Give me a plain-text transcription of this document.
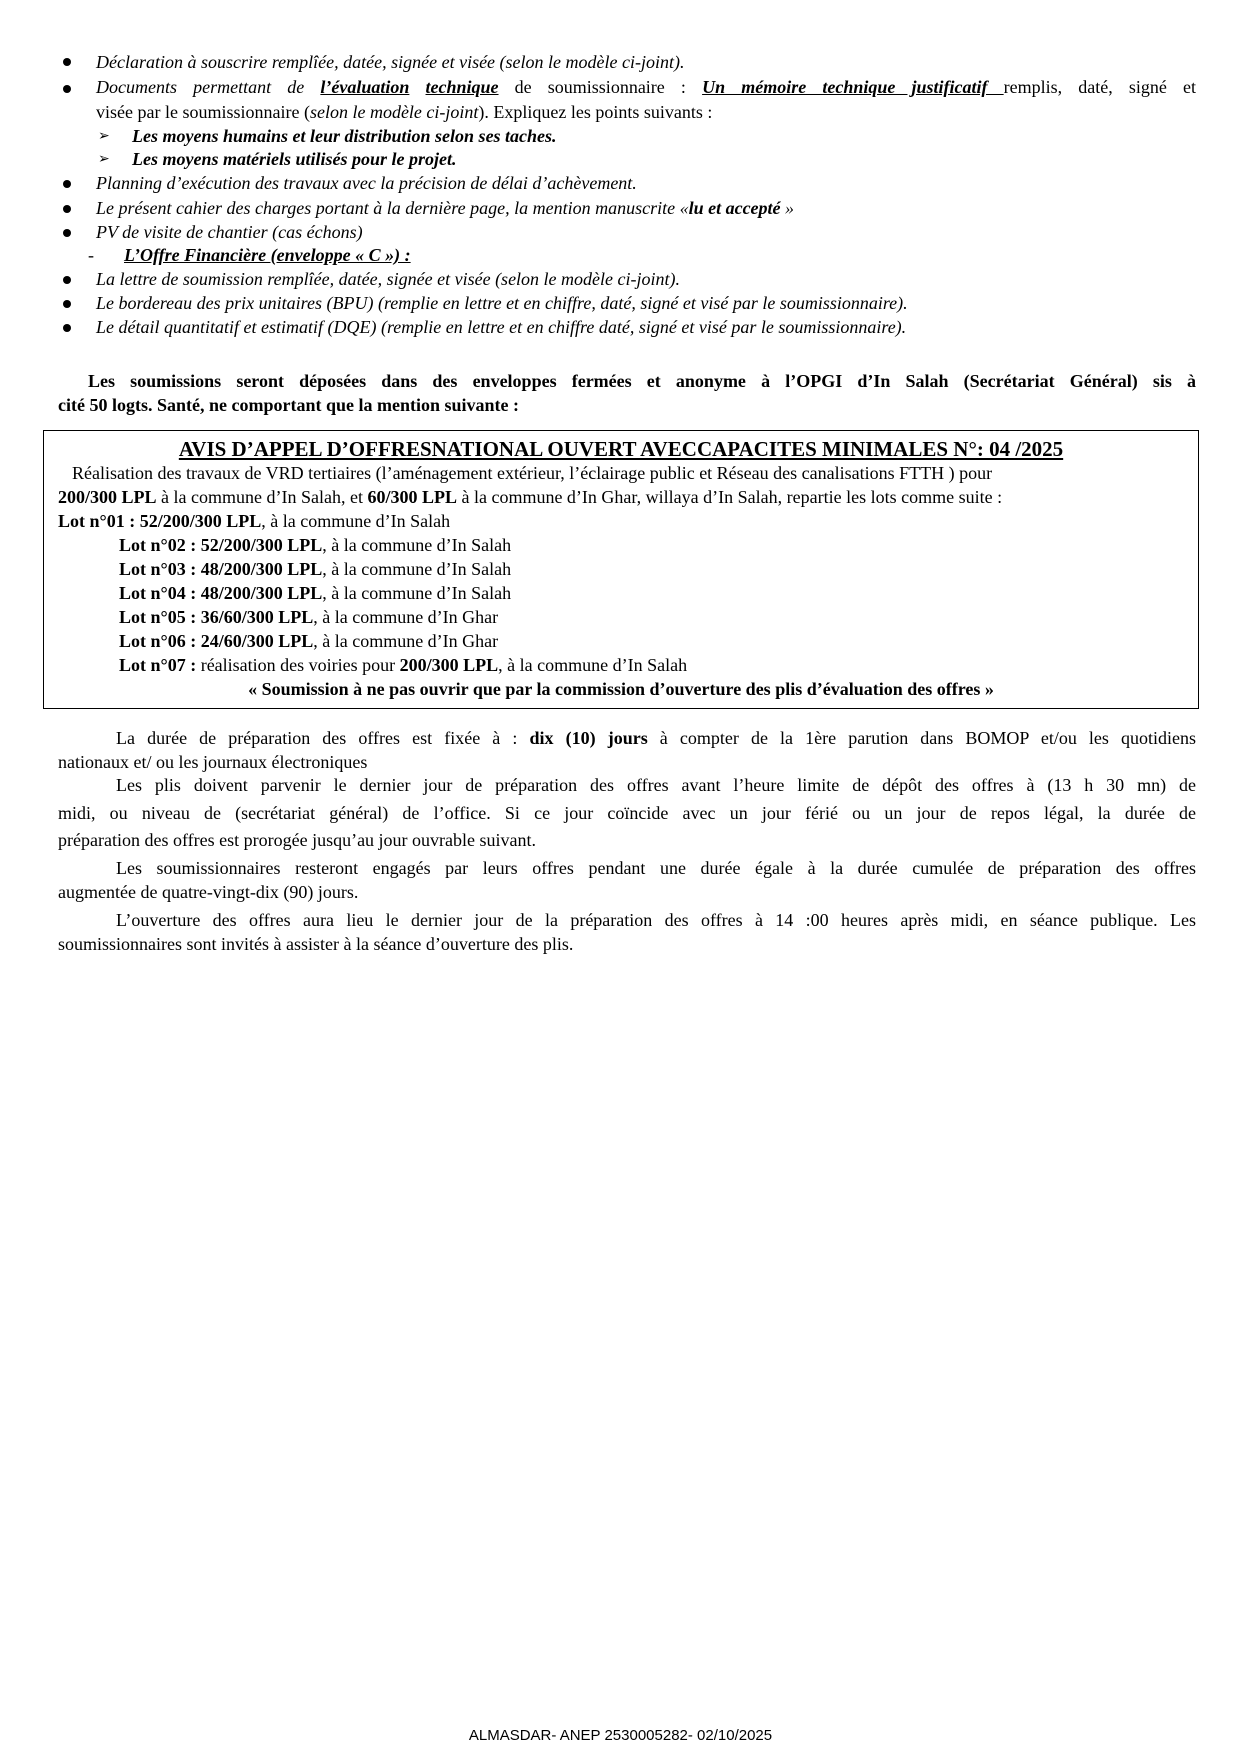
Déclaration à souscrire remplîée, datée, signée et visée (selon le modèle ci-joint).
Documents permettant de l’évaluation technique de soumissionnaire : Un mémoire technique justificatif remplis, daté, signé et
visée par le soumissionnaire (selon le modèle ci-joint). Expliquez les points suivants :
➢ Les moyens humains et leur distribution selon ses taches.
➢ Les moyens matériels utilisés pour le projet.
Planning d’exécution des travaux avec la précision de délai d’achèvement.
Le présent cahier des charges portant à la dernière page, la mention manuscrite «lu et accepté »
PV de visite de chantier (cas échons)
- L’Offre Financière (enveloppe « C ») :
La lettre de soumission remplîée, datée, signée et visée (selon le modèle ci-joint).
Le bordereau des prix unitaires (BPU) (remplie en lettre et en chiffre, daté, signé et visé par le soumissionnaire).
Le détail quantitatif et estimatif (DQE) (remplie en lettre et en chiffre daté, signé et visé par le soumissionnaire).
Les soumissions seront déposées dans des enveloppes fermées et anonyme à l’OPGI d’In Salah (Secrétariat Général) sis à
cité 50 logts. Santé, ne comportant que la mention suivante :
AVIS D’APPEL D’OFFRESNATIONAL OUVERT AVECCAPACITES MINIMALES N°: 04 /2025
Réalisation des travaux de VRD tertiaires (l’aménagement extérieur, l’éclairage public et Réseau des canalisations FTTH ) pour
200/300 LPL à la commune d’In Salah, et 60/300 LPL à la commune d’In Ghar, willaya d’In Salah, repartie les lots comme suite :
Lot n°01 : 52/200/300 LPL, à la commune d’In Salah
Lot n°02 : 52/200/300 LPL, à la commune d’In Salah
Lot n°03 : 48/200/300 LPL, à la commune d’In Salah
Lot n°04 : 48/200/300 LPL, à la commune d’In Salah
Lot n°05 : 36/60/300 LPL, à la commune d’In Ghar
Lot n°06 : 24/60/300 LPL, à la commune d’In Ghar
Lot n°07 : réalisation des voiries pour 200/300 LPL, à la commune d’In Salah
« Soumission à ne pas ouvrir que par la commission d’ouverture des plis d’évaluation des offres »
La durée de préparation des offres est fixée à : dix (10) jours à compter de la 1ère parution dans BOMOP et/ou les quotidiens
nationaux et/ ou les journaux électroniques
Les plis doivent parvenir le dernier jour de préparation des offres avant l’heure limite de dépôt des offres à (13 h 30 mn) de
midi, ou niveau de (secrétariat général) de l’office. Si ce jour coïncide avec un jour férié ou un jour de repos légal, la durée de
préparation des offres est prorogée jusqu’au jour ouvrable suivant.
Les soumissionnaires resteront engagés par leurs offres pendant une durée égale à la durée cumulée de préparation des offres
augmentée de quatre-vingt-dix (90) jours.
L’ouverture des offres aura lieu le dernier jour de la préparation des offres à 14 :00 heures après midi, en séance publique. Les
soumissionnaires sont invités à assister à la séance d’ouverture des plis.
ALMASDAR- ANEP 2530005282- 02/10/2025
